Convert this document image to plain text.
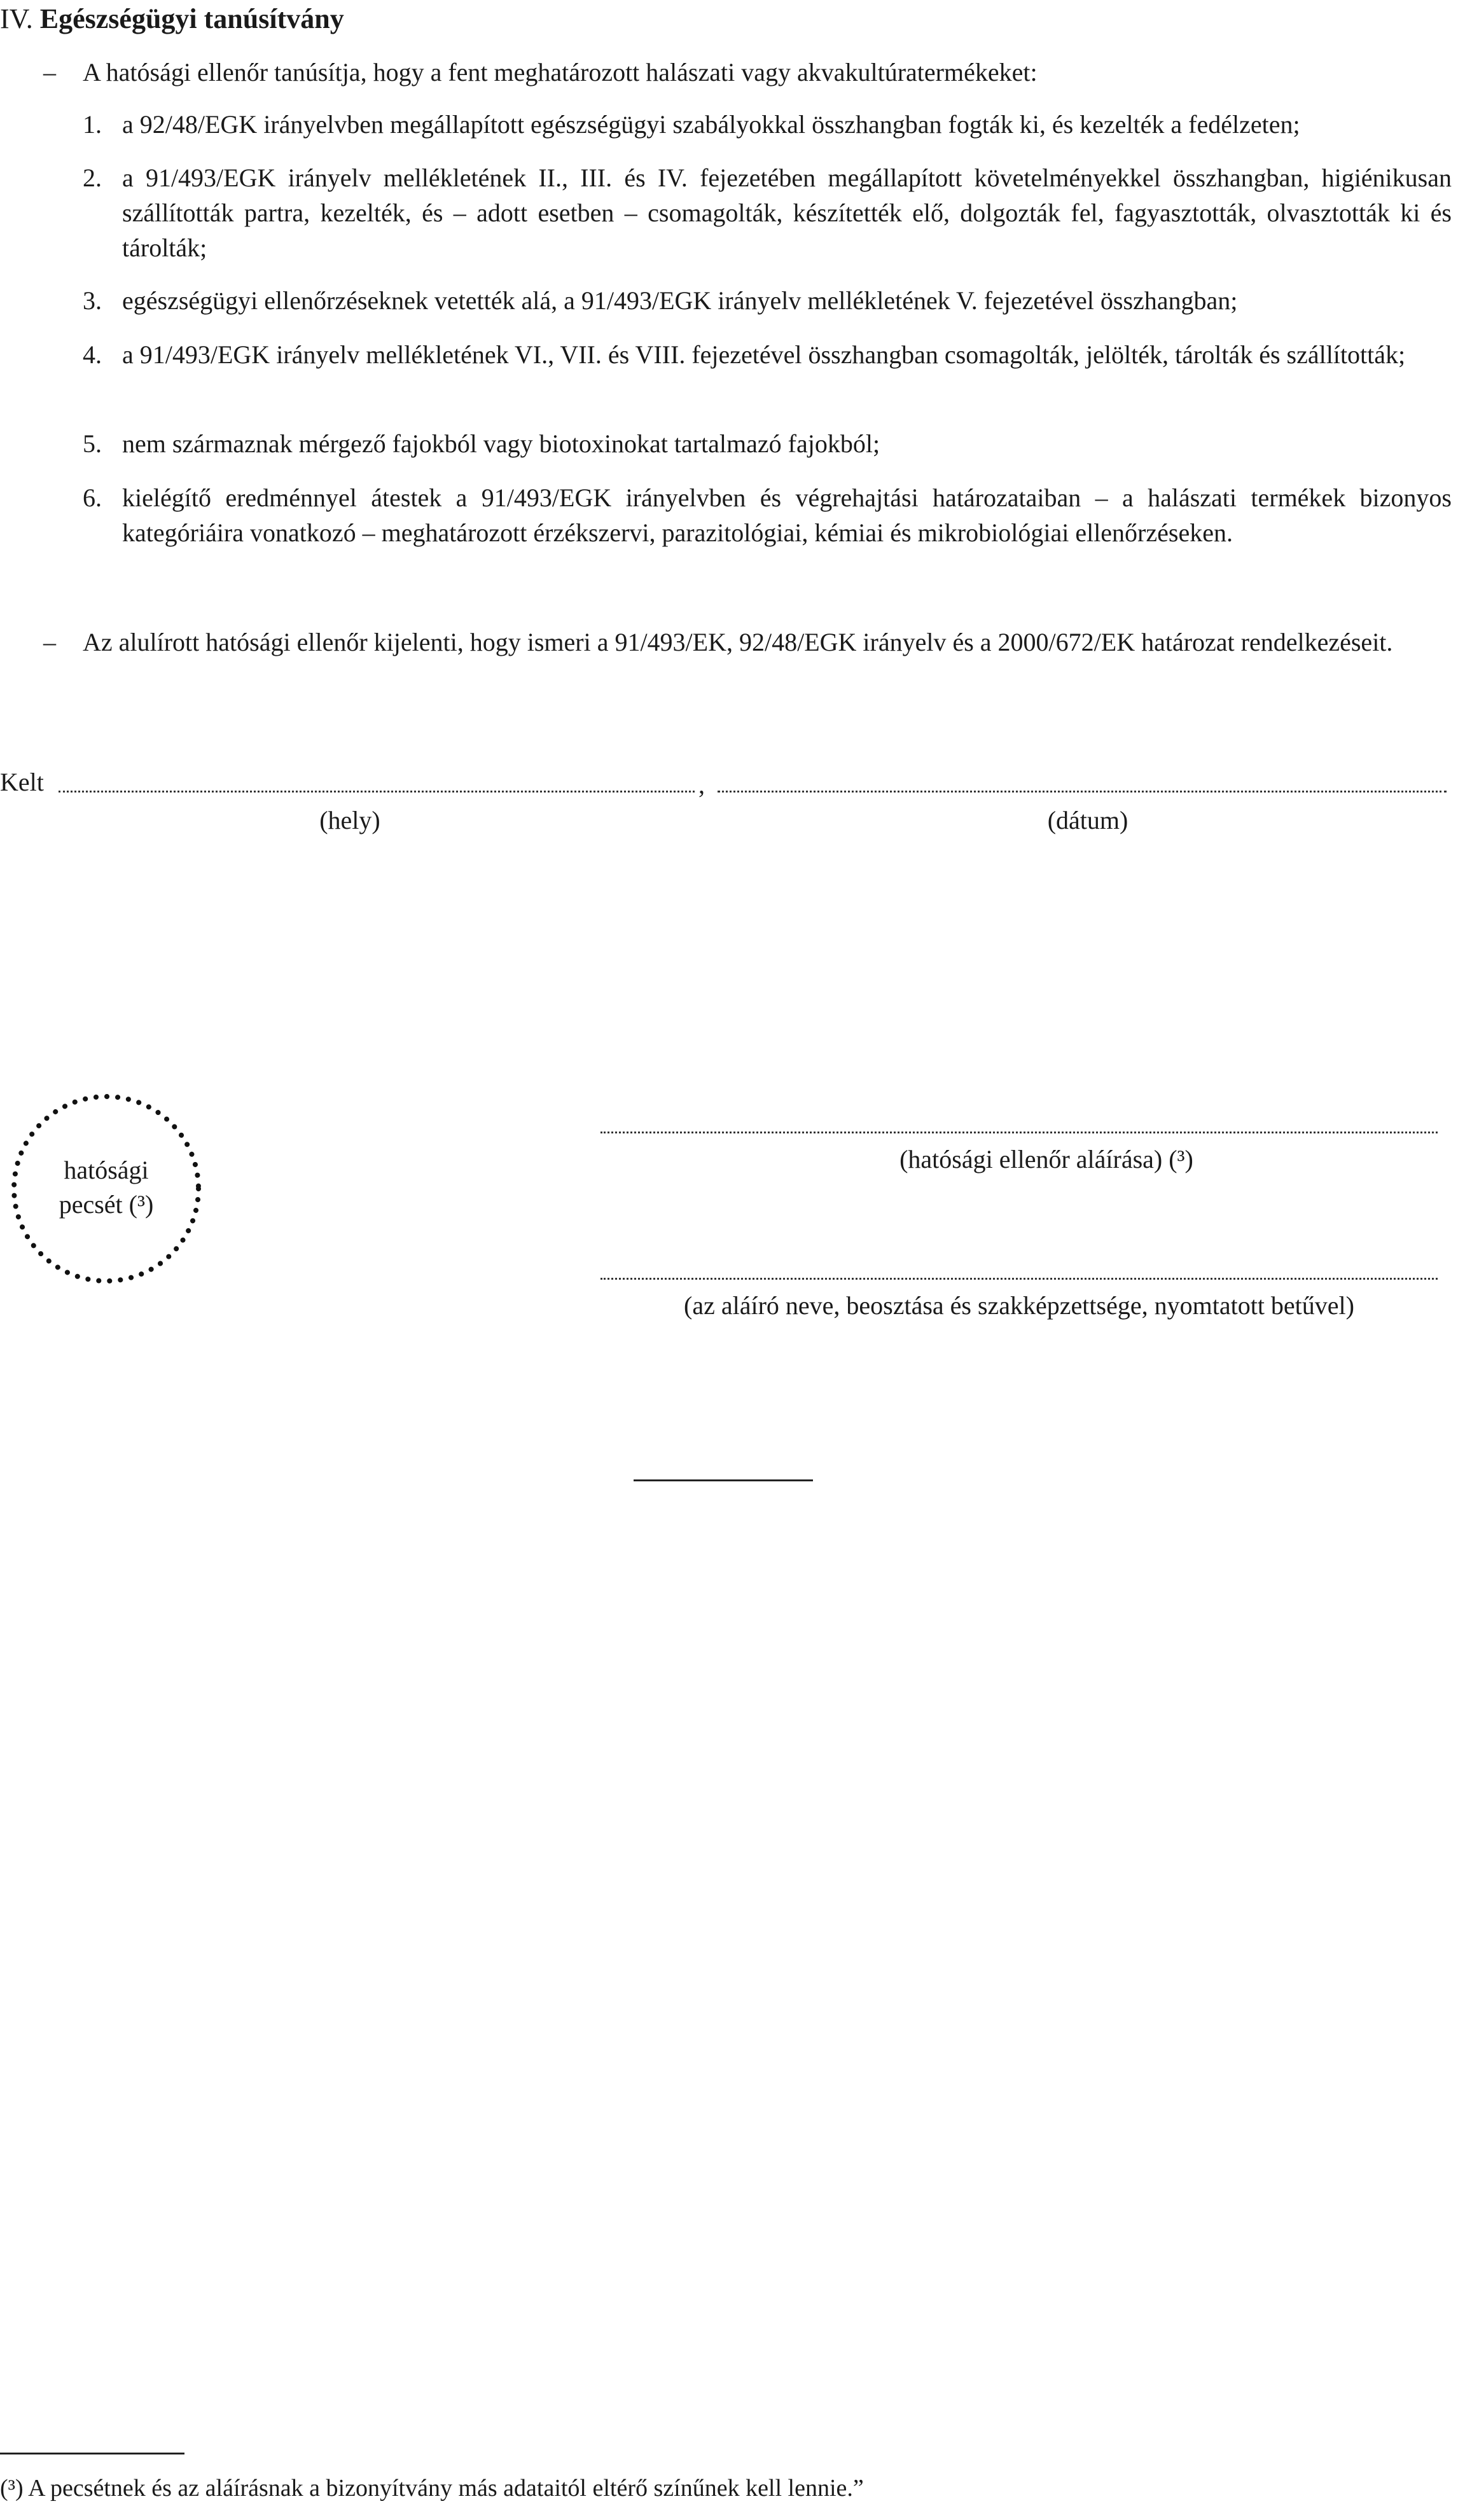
IV. Egészségügyi tanúsítvány
–	A hatósági ellenőr tanúsítja, hogy a fent meghatározott halászati vagy akvakultúratermékeket:
1. a 92/48/EGK irányelvben megállapított egészségügyi szabályokkal összhangban fogták ki, és kezelték a fedélzeten;
2. a 91/493/EGK irányelv mellékletének II., III. és IV. fejezetében megállapított követelményekkel összhangban, higiénikusan szállították partra, kezelték, és – adott esetben – csomagolták, készítették elő, dolgozták fel, fagyasztották, olvasztották ki és tárolták;
3. egészségügyi ellenőrzéseknek vetették alá, a 91/493/EGK irányelv mellékletének V. fejezetével összhangban;
4. a 91/493/EGK irányelv mellékletének VI., VII. és VIII. fejezetével összhangban csomagolták, jelölték, tárolták és szállították;
5. nem származnak mérgező fajokból vagy biotoxinokat tartalmazó fajokból;
6. kielégítő eredménnyel átestek a 91/493/EGK irányelvben és végrehajtási határozataiban – a halászati termékek bizonyos kategóriáira vonatkozó – meghatározott érzékszervi, parazitológiai, kémiai és mikrobiológiai ellenőrzéseken.
–	Az alulírott hatósági ellenőr kijelenti, hogy ismeri a 91/493/EK, 92/48/EGK irányelv és a 2000/672/EK határozat rendelkezéseit.
Kelt	,
(hely)	(dátum)
hatósági
pecsét (³)
(hatósági ellenőr aláírása) (³)
(az aláíró neve, beosztása és szakképzettsége, nyomtatott betűvel)
(³) A pecsétnek és az aláírásnak a bizonyítvány más adataitól eltérő színűnek kell lennie.”
